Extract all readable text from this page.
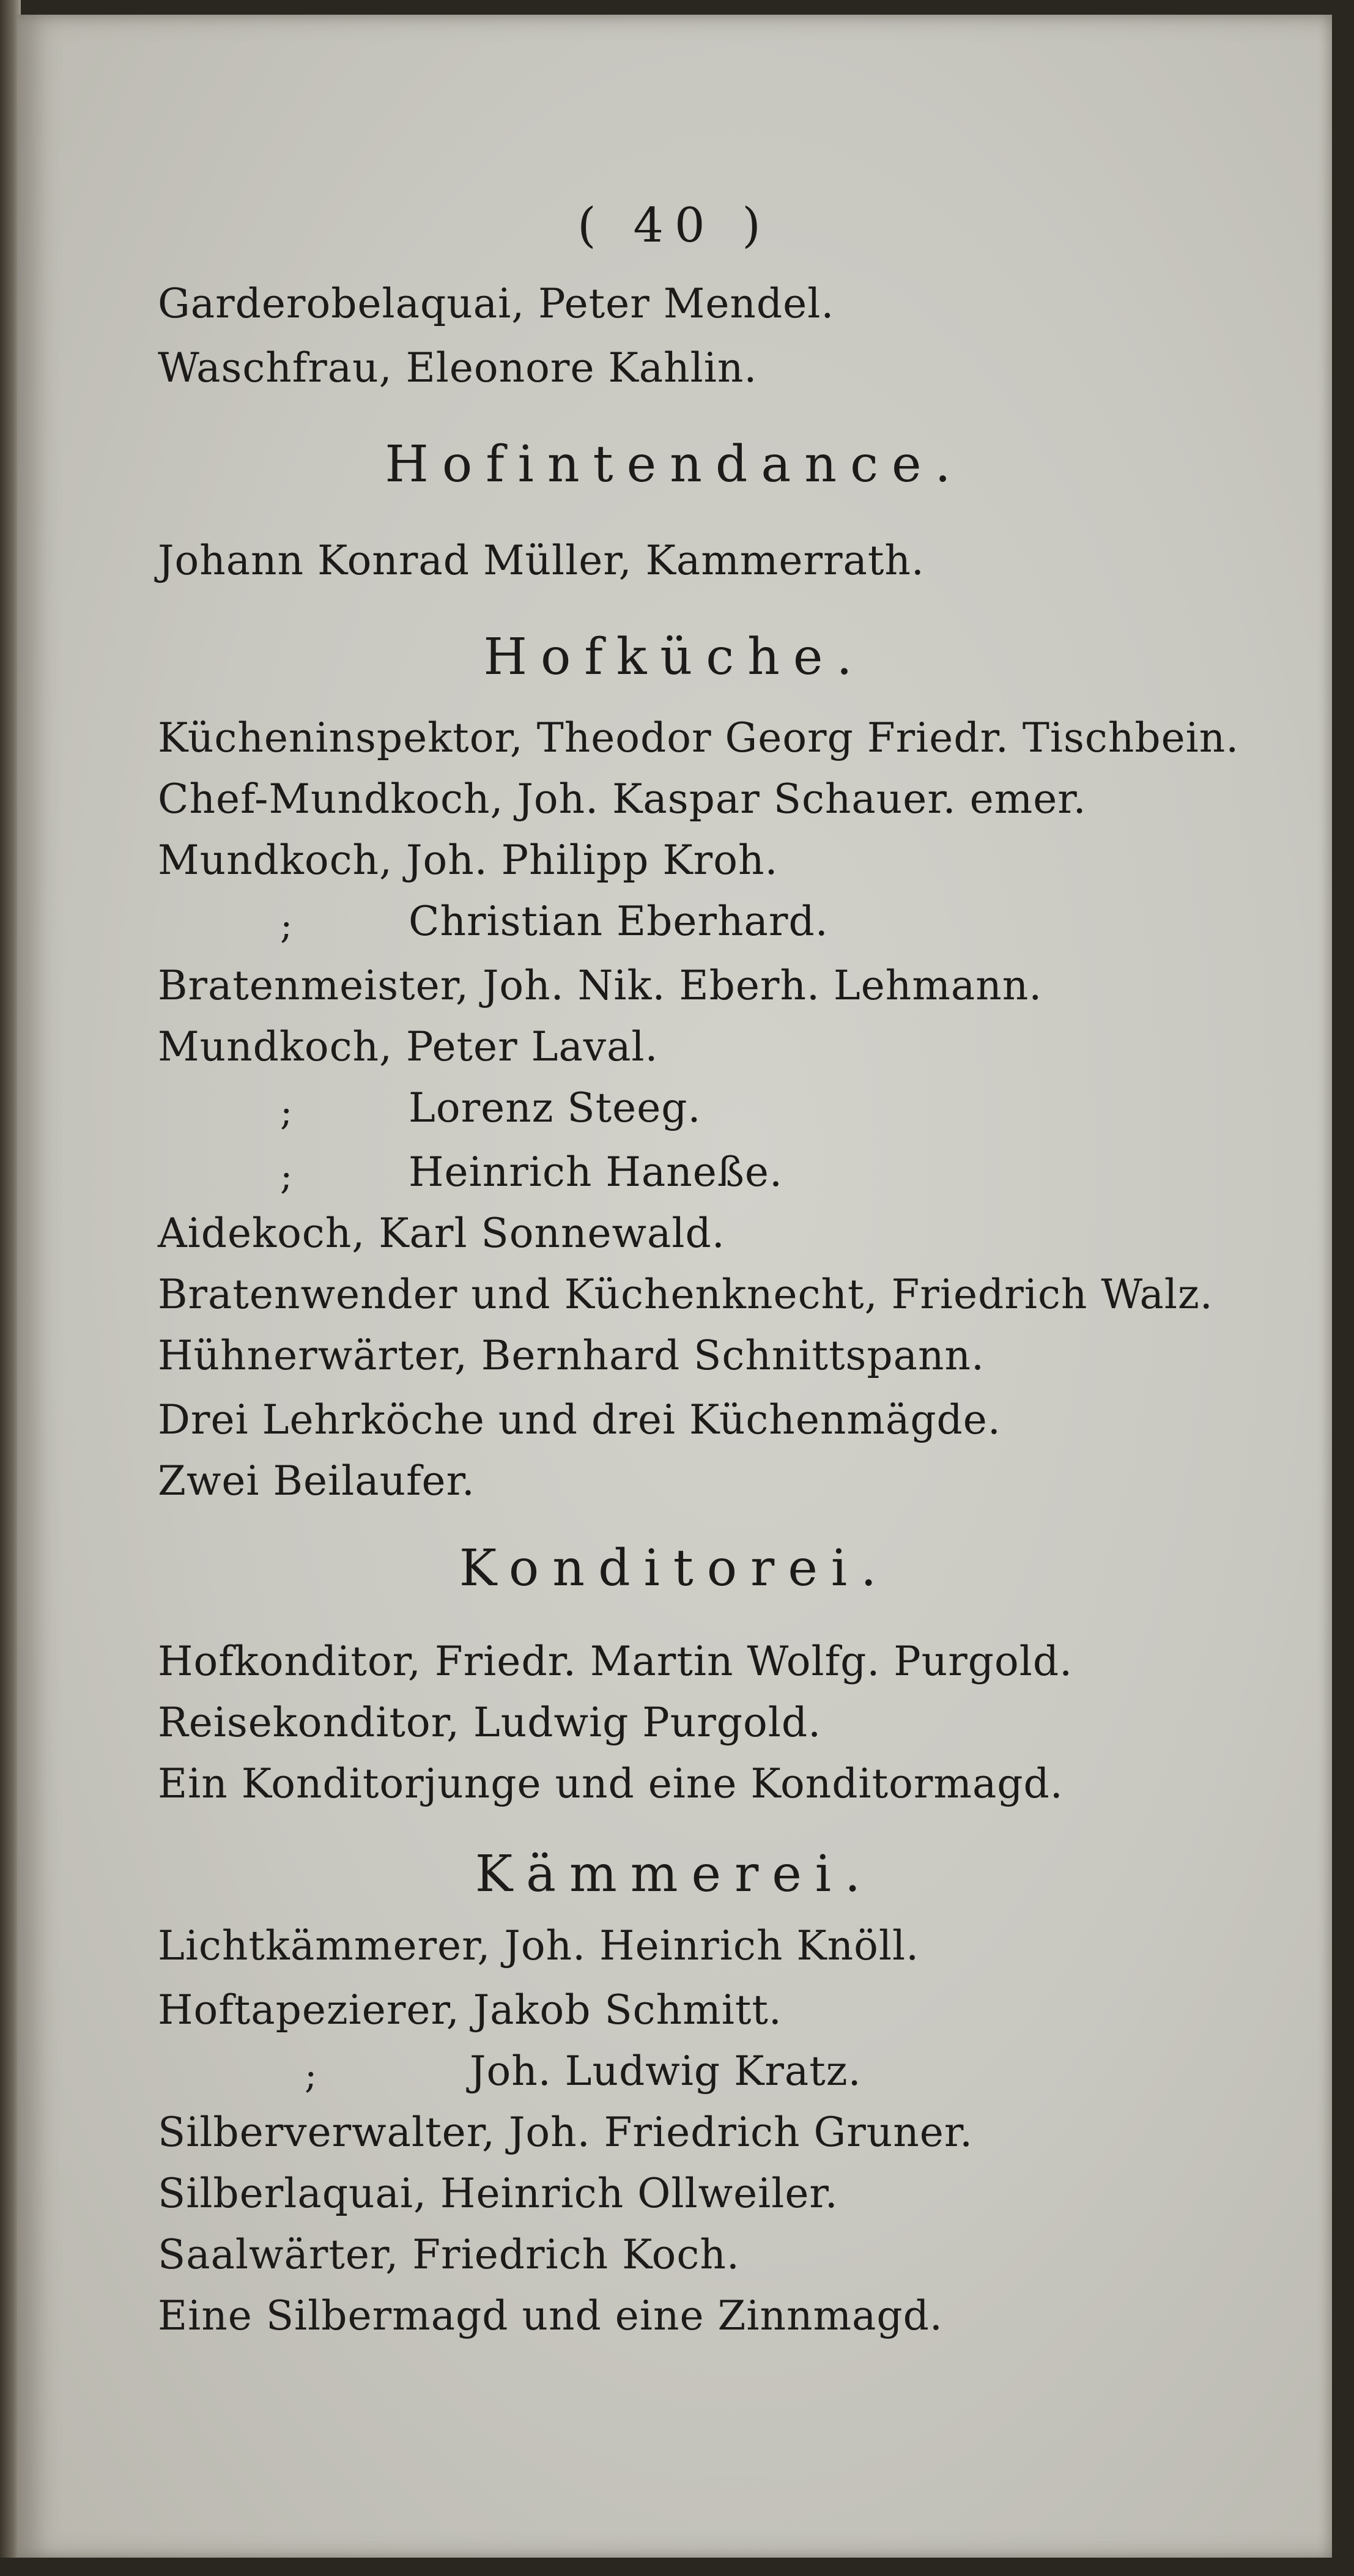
( 40 )
Garderobelaquai, Peter Mendel.
Waschfrau, Eleonore Kahlin.
Hofintendance.
Johann Konrad Müller, Kammerrath.
Hofküche.
Kücheninspektor, Theodor Georg Friedr. Tischbein.
Chef-Mundkoch, Joh. Kaspar Schauer. emer.
Mundkoch, Joh. Philipp Kroh.
;	Christian Eberhard.
Bratenmeister, Joh. Nik. Eberh. Lehmann.
Mundkoch, Peter Laval.
;	Lorenz Steeg.
;	Heinrich Haneße.
Aidekoch, Karl Sonnewald.
Bratenwender und Küchenknecht, Friedrich Walz.
Hühnerwärter, Bernhard Schnittspann.
Drei Lehrköche und drei Küchenmägde.
Zwei Beilaufer.
Konditorei.
Hofkonditor, Friedr. Martin Wolfg. Purgold.
Reisekonditor, Ludwig Purgold.
Ein Konditorjunge und eine Konditormagd.
Kämmerei.
Lichtkämmerer, Joh. Heinrich Knöll.
Hoftapezierer, Jakob Schmitt.
;	Joh. Ludwig Kratz.
Silberverwalter, Joh. Friedrich Gruner.
Silberlaquai, Heinrich Ollweiler.
Saalwärter, Friedrich Koch.
Eine Silbermagd und eine Zinnmagd.
